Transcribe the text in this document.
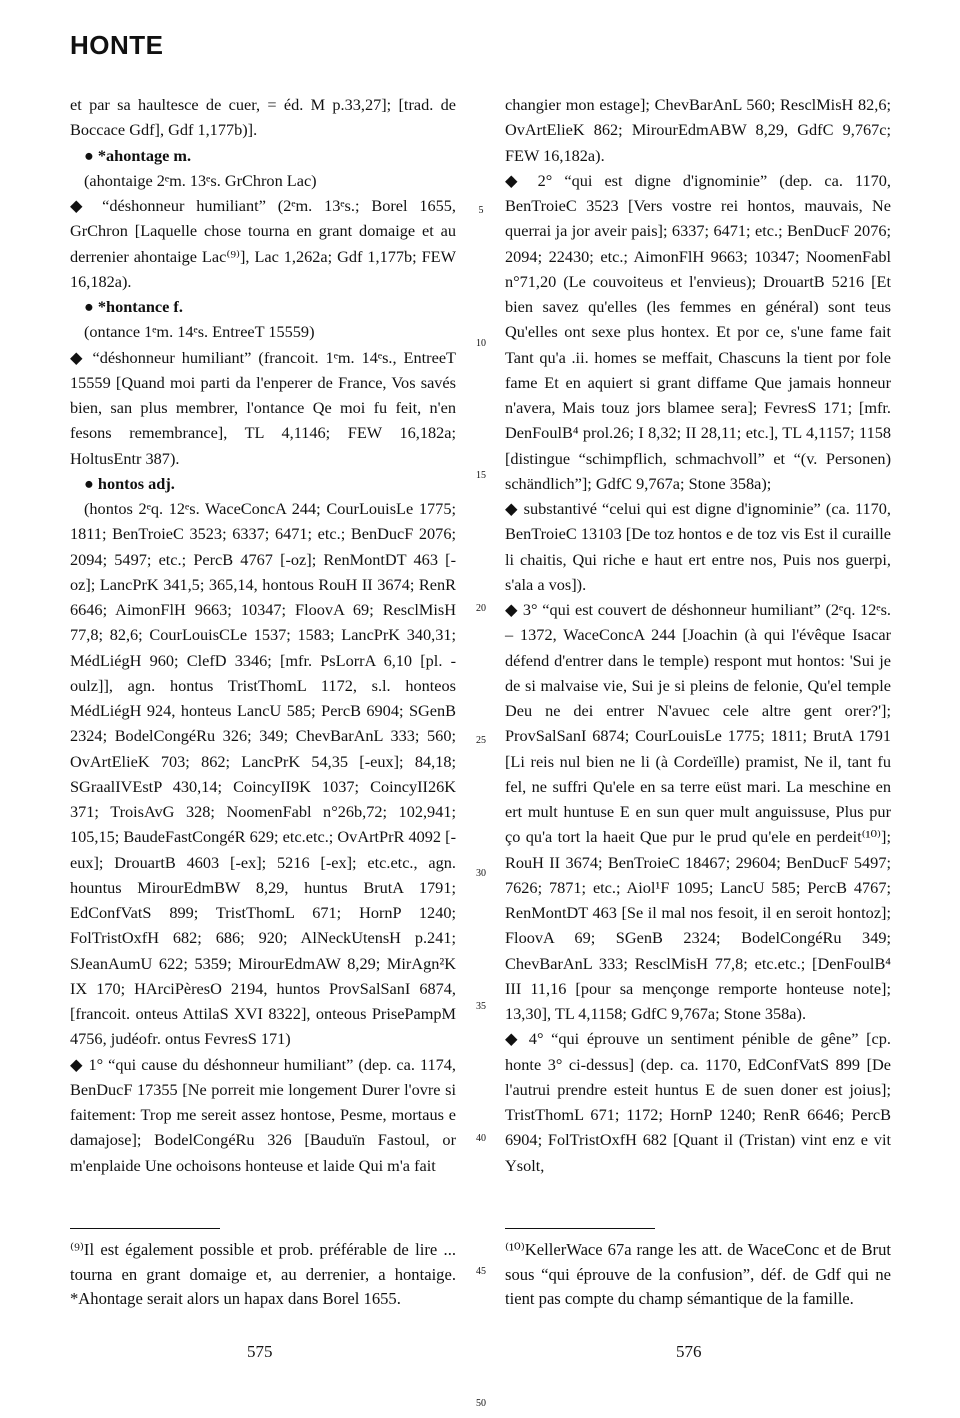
HONTE

et par sa haultesce de cuer, = éd. M p.33,27]; [trad. de Boccace Gdf], Gdf 1,177b)].

● *ahontage m.

(ahontaige 2ᵉm. 13ᵉs. GrChron Lac)

◆ “déshonneur humiliant” (2ᵉm. 13ᵉs.; Borel 1655, GrChron [Laquelle chose tourna en grant domaige et au derrenier ahontaige Lac⁽⁹⁾], Lac 1,262a; Gdf 1,177b; FEW 16,182a).

● *hontance f.

(ontance 1ᵉm. 14ᵉs. EntreeT 15559)

◆ “déshonneur humiliant” (francoit. 1ᵉm. 14ᵉs., EntreeT 15559 [Quand moi parti da l'enperer de France, Vos savés bien, san plus membrer, l'ontance Qe moi fu feit, n'en fesons remembrance], TL 4,1146; FEW 16,182a; HoltusEntr 387).

● hontos adj.

(hontos 2ᵉq. 12ᵉs. WaceConcA 244; CourLouisLe 1775; 1811; BenTroieC 3523; 6337; 6471; etc.; BenDucF 2076; 2094; 5497; etc.; PercB 4767 [-oz]; RenMontDT 463 [-oz]; LancPrK 341,5; 365,14, hontous RouH II 3674; RenR 6646; AimonFlH 9663; 10347; FloovA 69; ResclMisH 77,8; 82,6; CourLouisCLe 1537; 1583; LancPrK 340,31; MédLiégH 960; ClefD 3346; [mfr. PsLorrA 6,10 [pl. -oulz]], agn. hontus TristThomL 1172, s.l. honteos MédLiégH 924, honteus LancU 585; PercB 6904; SGenB 2324; BodelCongéRu 326; 349; ChevBarAnL 333; 560; OvArtElieK 703; 862; LancPrK 54,35 [-eux]; 84,18; SGraalIVEstP 430,14; CoincyII9K 1037; CoincyII26K 371; TroisAvG 328; NoomenFabl n°26b,72; 102,941; 105,15; BaudeFastCongéR 629; etc.etc.; OvArtPrR 4092 [-eux]; DrouartB 4603 [-ex]; 5216 [-ex]; etc.etc., agn. hountus MirourEdmBW 8,29, huntus BrutA 1791; EdConfVatS 899; TristThomL 671; HornP 1240; FolTristOxfH 682; 686; 920; AlNeckUtensH p.241; SJeanAumU 622; 5359; MirourEdmAW 8,29; MirAgn²K IX 170; HArciPèresO 2194, huntos ProvSalSanI 6874, [francoit. onteus AttilaS XVI 8322], onteous PrisePampM 4756, judéofr. ontus FevresS 171)

◆ 1° “qui cause du déshonneur humiliant” (dep. ca. 1174, BenDucF 17355 [Ne porreit mie longement Durer l'ovre si faitement: Trop me sereit assez hontose, Pesme, mortaus e damajose]; BodelCongéRu 326 [Bauduïn Fastoul, or m'enplaide Une ochoisons honteuse et laide Qui m'a fait

5
10
15
20
25
30
35
40
45
50

changier mon estage]; ChevBarAnL 560; ResclMisH 82,6; OvArtElieK 862; MirourEdmABW 8,29, GdfC 9,767c; FEW 16,182a).

◆ 2° “qui est digne d'ignominie” (dep. ca. 1170, BenTroieC 3523 [Vers vostre rei hontos, mauvais, Ne querrai ja jor aveir pais]; 6337; 6471; etc.; BenDucF 2076; 2094; 22430; etc.; AimonFlH 9663; 10347; NoomenFabl n°71,20 (Le couvoiteus et l'envieus); DrouartB 5216 [Et bien savez qu'elles (les femmes en général) sont teus Qu'elles ont sexe plus hontex. Et por ce, s'une fame fait Tant qu'a .ii. homes se meffait, Chascuns la tient por fole fame Et en aquiert si grant diffame Que jamais honneur n'avera, Mais touz jors blamee sera]; FevresS 171; [mfr. DenFoulB⁴ prol.26; I 8,32; II 28,11; etc.], TL 4,1157; 1158 [distingue “schimpflich, schmachvoll” et “(v. Personen) schändlich”]; GdfC 9,767a; Stone 358a);

◆ substantivé “celui qui est digne d'ignominie” (ca. 1170, BenTroieC 13103 [De toz hontos e de toz vis Est il curaille li chaitis, Qui riche e haut ert entre nos, Puis nos guerpi, s'ala a vos]).

◆ 3° “qui est couvert de déshonneur humiliant” (2ᵉq. 12ᵉs. – 1372, WaceConcA 244 [Joachin (à qui l'évêque Isacar défend d'entrer dans le temple) respont mut hontos: 'Sui je de si malvaise vie, Sui je si pleins de felonie, Qu'el temple Deu ne dei entrer N'avuec cele altre gent orer?']; ProvSalSanI 6874; CourLouisLe 1775; 1811; BrutA 1791 [Li reis nul bien ne li (à Cordeïlle) pramist, Ne il, tant fu fel, ne suffri Qu'ele en sa terre eüst mari. La meschine en ert mult huntuse E en sun quer mult anguissuse, Plus pur ço qu'a tort la haeit Que pur le prud qu'ele en perdeit⁽¹⁰⁾]; RouH II 3674; BenTroieC 18467; 29604; BenDucF 5497; 7626; 7871; etc.; Aiol¹F 1095; LancU 585; PercB 4767; RenMontDT 463 [Se il mal nos fesoit, il en seroit hontoz]; FloovA 69; SGenB 2324; BodelCongéRu 349; ChevBarAnL 333; ResclMisH 77,8; etc.etc.; [DenFoulB⁴ III 11,16 [pour sa mençonge remporte honteuse note]; 13,30], TL 4,1158; GdfC 9,767a; Stone 358a).

◆ 4° “qui éprouve un sentiment pénible de gêne” [cp. honte 3° ci-dessus] (dep. ca. 1170, EdConfVatS 899 [De l'autrui prendre esteit huntus E de suen doner est joius]; TristThomL 671; 1172; HornP 1240; RenR 6646; PercB 6904; FolTristOxfH 682 [Quant il (Tristan) vint enz e vit Ysolt,

⁽⁹⁾Il est également possible et prob. préférable de lire ... tourna en grant domaige et, au derrenier, a hontaige. *Ahontage serait alors un hapax dans Borel 1655.
⁽¹⁰⁾KellerWace 67a range les att. de WaceConc et de Brut sous “qui éprouve de la confusion”, déf. de Gdf qui ne tient pas compte du champ sémantique de la famille.
575	576
